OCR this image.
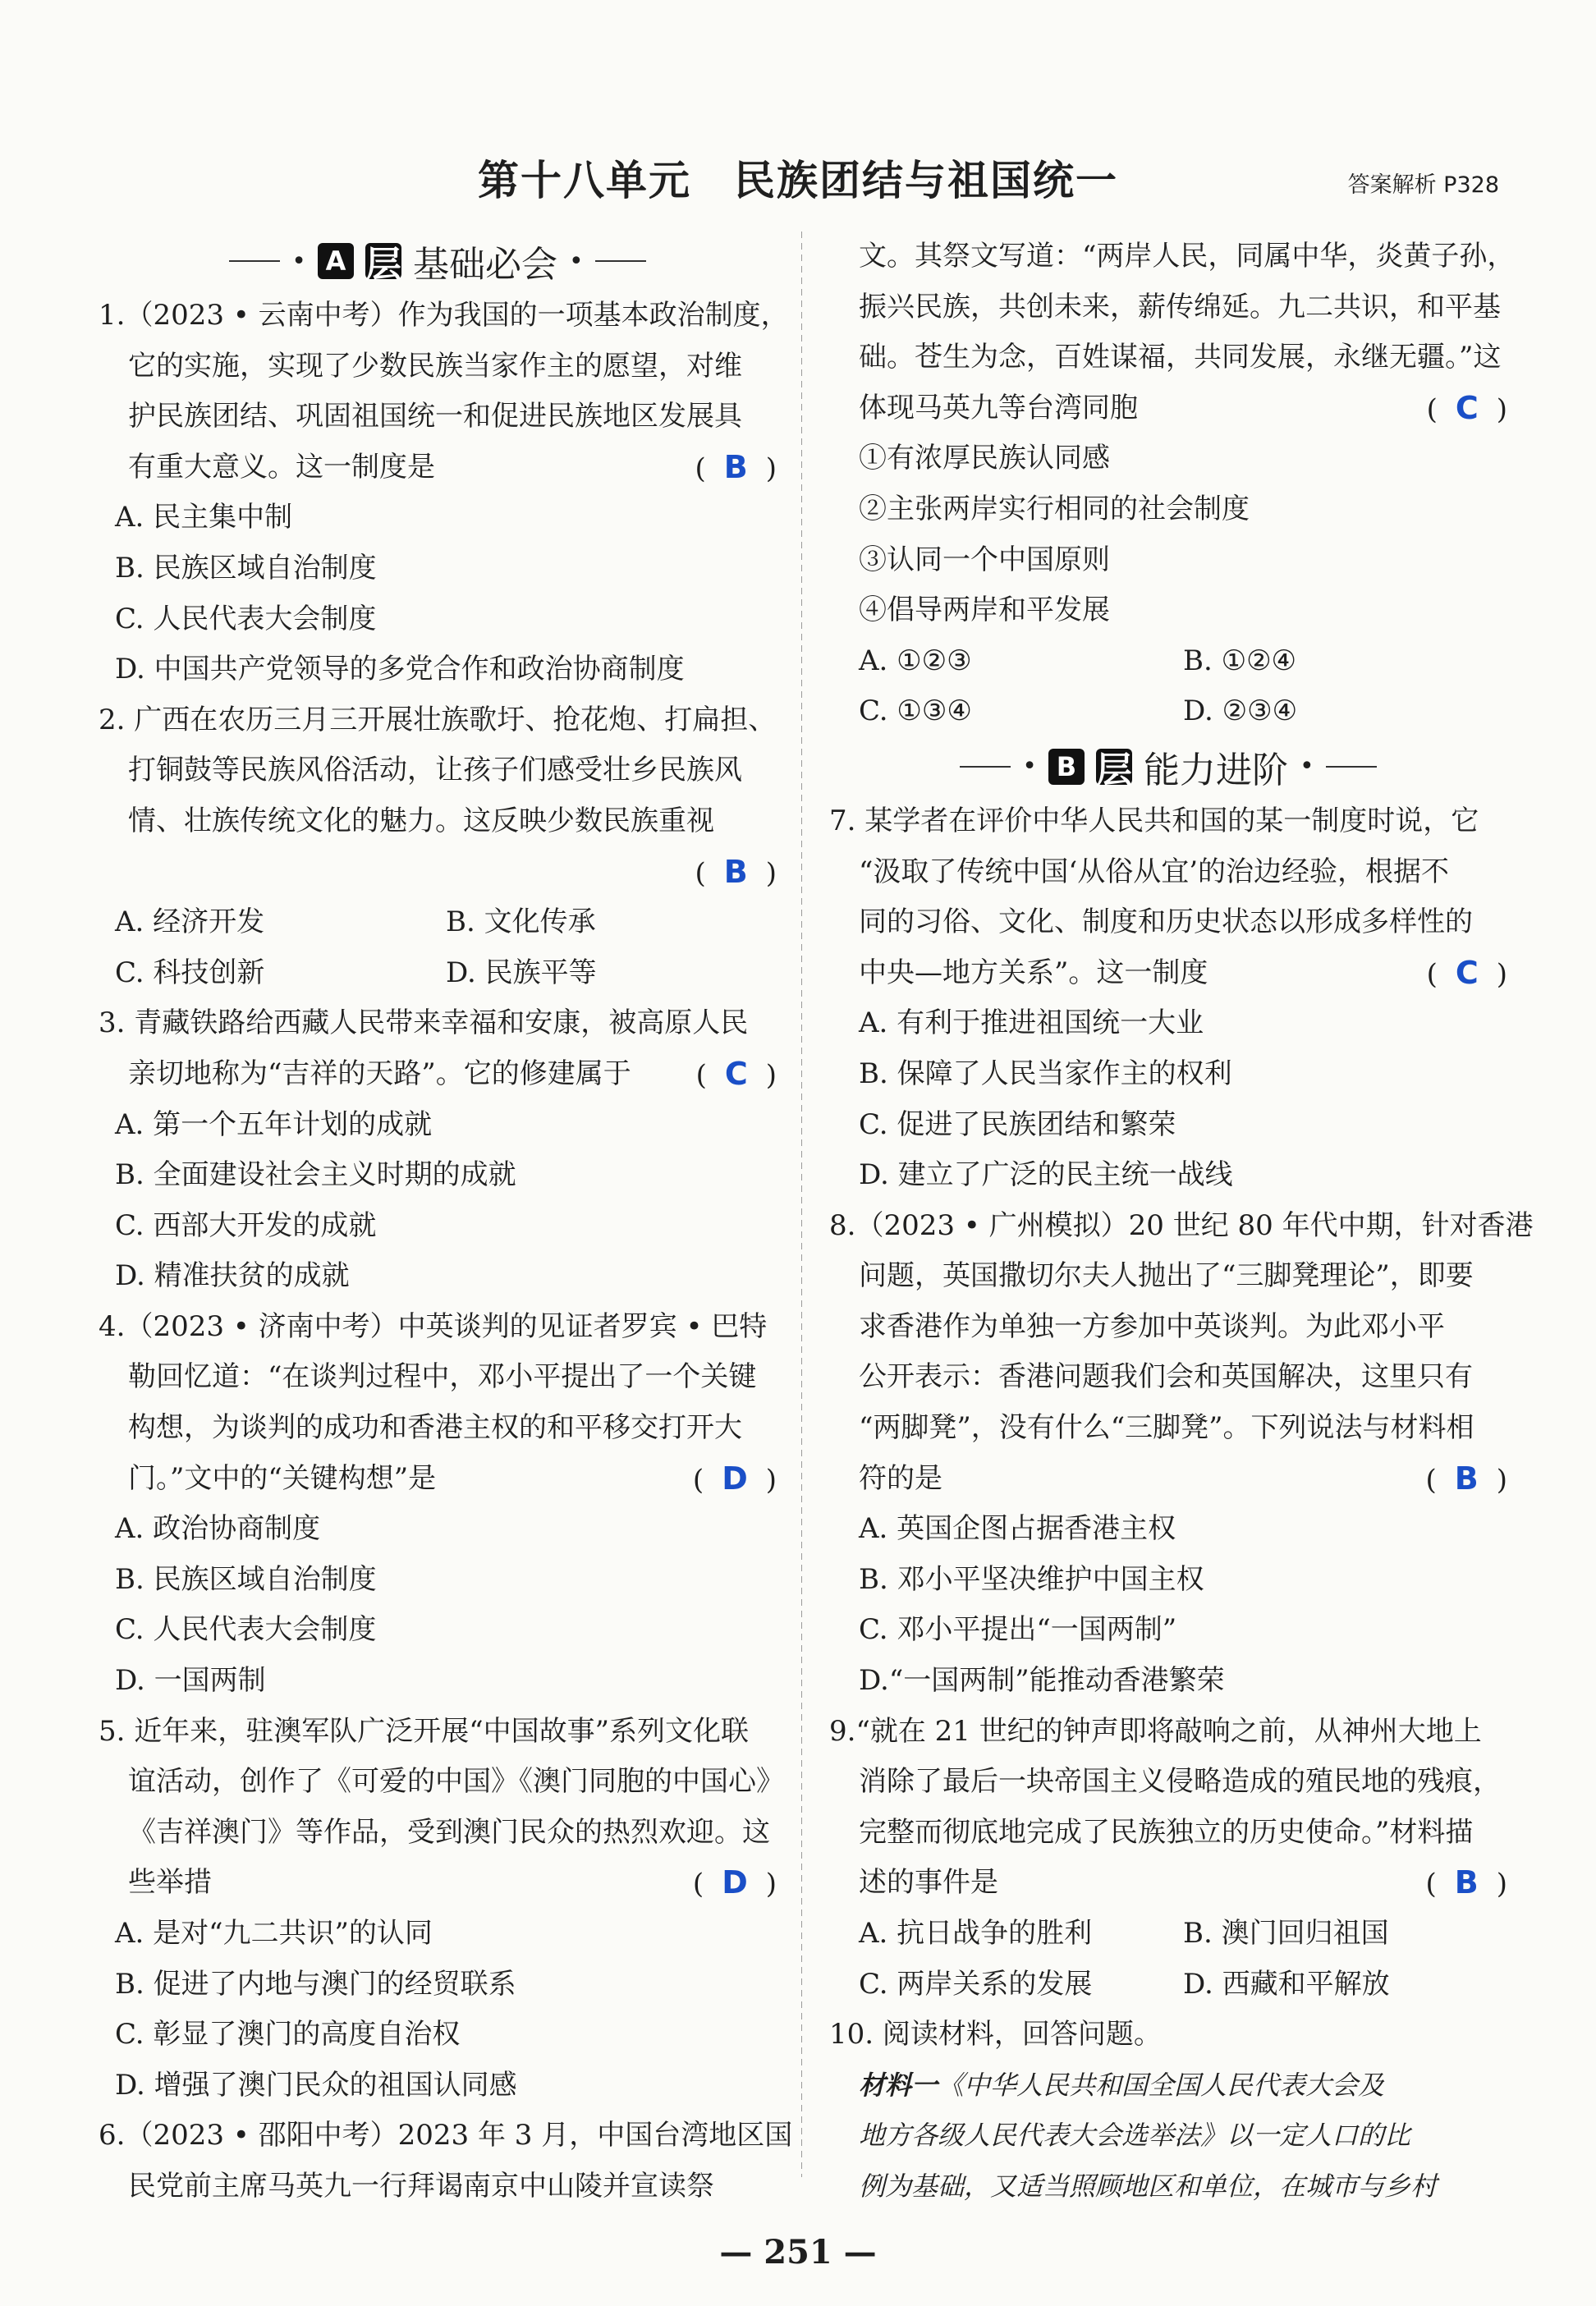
第十八单元　民族团结与祖国统一	答案解析 P328
• A 层 基础必会 •
1.（2023 • 云南中考）作为我国的一项基本政治制度，
它的实施，实现了少数民族当家作主的愿望，对维
护民族团结、巩固祖国统一和促进民族地区发展具
有重大意义。这一制度是	( B )
A. 民主集中制
B. 民族区域自治制度
C. 人民代表大会制度
D. 中国共产党领导的多党合作和政治协商制度
2. 广西在农历三月三开展壮族歌圩、抢花炮、打扁担、
打铜鼓等民族风俗活动，让孩子们感受壮乡民族风
情、壮族传统文化的魅力。这反映少数民族重视
( B )
A. 经济开发	B. 文化传承
C. 科技创新	D. 民族平等
3. 青藏铁路给西藏人民带来幸福和安康，被高原人民
亲切地称为“吉祥的天路”。它的修建属于 ( C )
A. 第一个五年计划的成就
B. 全面建设社会主义时期的成就
C. 西部大开发的成就
D. 精准扶贫的成就
4.（2023 • 济南中考）中英谈判的见证者罗宾 • 巴特
勒回忆道：“在谈判过程中，邓小平提出了一个关键
构想，为谈判的成功和香港主权的和平移交打开大
门。”文中的“关键构想”是	( D )
A. 政治协商制度
B. 民族区域自治制度
C. 人民代表大会制度
D. 一国两制
5. 近年来，驻澳军队广泛开展“中国故事”系列文化联
谊活动，创作了《可爱的中国》《澳门同胞的中国心》
《吉祥澳门》等作品，受到澳门民众的热烈欢迎。这
些举措	( D )
A. 是对“九二共识”的认同
B. 促进了内地与澳门的经贸联系
C. 彰显了澳门的高度自治权
D. 增强了澳门民众的祖国认同感
6.（2023 • 邵阳中考）2023 年 3 月，中国台湾地区国
民党前主席马英九一行拜谒南京中山陵并宣读祭
文。其祭文写道：“两岸人民，同属中华，炎黄子孙，
振兴民族，共创未来，薪传绵延。九二共识，和平基
础。苍生为念，百姓谋福，共同发展，永继无疆。”这
体现马英九等台湾同胞	( C )
①有浓厚民族认同感
②主张两岸实行相同的社会制度
③认同一个中国原则
④倡导两岸和平发展
A. ①②③	B. ①②④
C. ①③④	D. ②③④
• B 层 能力进阶 •
7. 某学者在评价中华人民共和国的某一制度时说，它
“汲取了传统中国‘从俗从宜’的治边经验，根据不
同的习俗、文化、制度和历史状态以形成多样性的
中央—地方关系”。这一制度	( C )
A. 有利于推进祖国统一大业
B. 保障了人民当家作主的权利
C. 促进了民族团结和繁荣
D. 建立了广泛的民主统一战线
8.（2023 • 广州模拟）20 世纪 80 年代中期，针对香港
问题，英国撒切尔夫人抛出了“三脚凳理论”，即要
求香港作为单独一方参加中英谈判。为此邓小平
公开表示：香港问题我们会和英国解决，这里只有
“两脚凳”，没有什么“三脚凳”。下列说法与材料相
符的是	( B )
A. 英国企图占据香港主权
B. 邓小平坚决维护中国主权
C. 邓小平提出“一国两制”
D.“一国两制”能推动香港繁荣
9.“就在 21 世纪的钟声即将敲响之前，从神州大地上
消除了最后一块帝国主义侵略造成的殖民地的残痕，
完整而彻底地完成了民族独立的历史使命。”材料描
述的事件是	( B )
A. 抗日战争的胜利	B. 澳门回归祖国
C. 两岸关系的发展	D. 西藏和平解放
10. 阅读材料，回答问题。
材料一《中华人民共和国全国人民代表大会及
地方各级人民代表大会选举法》以一定人口的比
例为基础，又适当照顾地区和单位，在城市与乡村
— 251 —
